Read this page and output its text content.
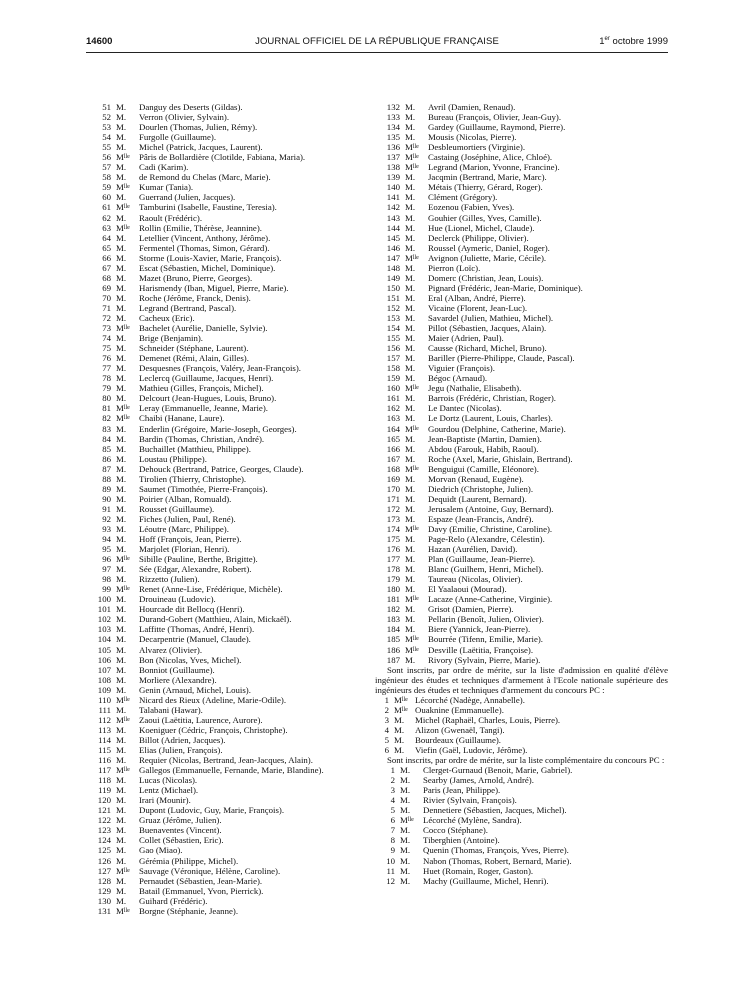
14600	JOURNAL OFFICIEL DE LA RÉPUBLIQUE FRANÇAISE	1er octobre 1999
51 M.	Danguy des Deserts (Gildas).
52 M.	Verron (Olivier, Sylvain).
53 M.	Dourlen (Thomas, Julien, Rémy).
54 M.	Furgolle (Guillaume).
55 M.	Michel (Patrick, Jacques, Laurent).
56 $M^{lle}$	Pâris de Bollardière (Clotilde, Fabiana, Maria).
57 M.	Cadi (Karim).
58 M.	de Remond du Chelas (Marc, Marie).
59 $M^{lle}$	Kumar (Tania).
60 M.	Guerrand (Julien, Jacques).
61 $M^{lle}$	Tamburini (Isabelle, Faustine, Teresia).
62 M.	Raoult (Frédéric).
63 $M^{lle}$	Rollin (Emilie, Thérèse, Jeannine).
64 M.	Letellier (Vincent, Anthony, Jérôme).
65 M.	Fermentel (Thomas, Simon, Gérard).
66 M.	Storme (Louis-Xavier, Marie, François).
67 M.	Escat (Sébastien, Michel, Dominique).
68 M.	Mazet (Bruno, Pierre, Georges).
69 M.	Harismendy (Iban, Miguel, Pierre, Marie).
70 M.	Roche (Jérôme, Franck, Denis).
71 M.	Legrand (Bertrand, Pascal).
72 M.	Cacheux (Eric).
73 $M^{lle}$	Bachelet (Aurélie, Danielle, Sylvie).
74 M.	Brige (Benjamin).
75 M.	Schneider (Stéphane, Laurent).
76 M.	Demenet (Rémi, Alain, Gilles).
77 M.	Desquesnes (François, Valéry, Jean-François).
78 M.	Leclercq (Guillaume, Jacques, Henri).
79 M.	Mathieu (Gilles, François, Michel).
80 M.	Delcourt (Jean-Hugues, Louis, Bruno).
81 $M^{lle}$	Leray (Emmanuelle, Jeanne, Marie).
82 $M^{lle}$	Chaibi (Hanane, Laure).
83 M.	Enderlin (Grégoire, Marie-Joseph, Georges).
84 M.	Bardin (Thomas, Christian, André).
85 M.	Buchaillet (Matthieu, Philippe).
86 M.	Loustau (Philippe).
87 M.	Dehouck (Bertrand, Patrice, Georges, Claude).
88 M.	Tirolien (Thierry, Christophe).
89 M.	Saumet (Timothée, Pierre-François).
90 M.	Poirier (Alban, Romuald).
91 M.	Rousset (Guillaume).
92 M.	Fiches (Julien, Paul, René).
93 M.	Léoutre (Marc, Philippe).
94 M.	Hoff (François, Jean, Pierre).
95 M.	Marjolet (Florian, Henri).
96 $M^{lle}$	Sibille (Pauline, Berthe, Brigitte).
97 M.	Sée (Edgar, Alexandre, Robert).
98 M.	Rizzetto (Julien).
99 $M^{lle}$	Renet (Anne-Lise, Frédérique, Michèle).
100 M.	Drouineau (Ludovic).
101 M.	Hourcade dit Bellocq (Henri).
102 M.	Durand-Gobert (Matthieu, Alain, Mickaël).
103 M.	Laffitte (Thomas, André, Henri).
104 M.	Decarpentrie (Manuel, Claude).
105 M.	Alvarez (Olivier).
106 M.	Bon (Nicolas, Yves, Michel).
107 M.	Bonniot (Guillaume).
108 M.	Morliere (Alexandre).
109 M.	Genin (Arnaud, Michel, Louis).
110 $M^{lle}$	Nicard des Rieux (Adeline, Marie-Odile).
111 M.	Talabani (Hawar).
112 $M^{lle}$	Zaoui (Laëtitia, Laurence, Aurore).
113 M.	Koeniguer (Cédric, François, Christophe).
114 M.	Billot (Adrien, Jacques).
115 M.	Elias (Julien, François).
116 M.	Requier (Nicolas, Bertrand, Jean-Jacques, Alain).
117 $M^{lle}$	Gallegos (Emmanuelle, Fernande, Marie, Blandine).
118 M.	Lucas (Nicolas).
119 M.	Lentz (Michael).
120 M.	Irari (Mounir).
121 M.	Dupont (Ludovic, Guy, Marie, François).
122 M.	Gruaz (Jérôme, Julien).
123 M.	Buenaventes (Vincent).
124 M.	Collet (Sébastien, Eric).
125 M.	Gao (Miao).
126 M.	Gérémia (Philippe, Michel).
127 $M^{lle}$	Sauvage (Véronique, Hélène, Caroline).
128 M.	Pernaudet (Sébastien, Jean-Marie).
129 M.	Batail (Emmanuel, Yvon, Pierrick).
130 M.	Guihard (Frédéric).
131 $M^{lle}$	Borgne (Stéphanie, Jeanne).
132 M.	Avril (Damien, Renaud).
133 M.	Bureau (François, Olivier, Jean-Guy).
134 M.	Gardey (Guillaume, Raymond, Pierre).
135 M.	Mousis (Nicolas, Pierre).
136 $M^{lle}$	Desbleumortiers (Virginie).
137 $M^{lle}$	Castaing (Joséphine, Alice, Chloé).
138 $M^{lle}$	Legrand (Marion, Yvonne, Francine).
139 M.	Jacqmin (Bertrand, Marie, Marc).
140 M.	Métais (Thierry, Gérard, Roger).
141 M.	Clément (Grégory).
142 M.	Eozenou (Fabien, Yves).
143 M.	Gouhier (Gilles, Yves, Camille).
144 M.	Hue (Lionel, Michel, Claude).
145 M.	Declerck (Philippe, Olivier).
146 M.	Roussel (Aymeric, Daniel, Roger).
147 $M^{lle}$	Avignon (Juliette, Marie, Cécile).
148 M.	Pierron (Loïc).
149 M.	Domerc (Christian, Jean, Louis).
150 M.	Pignard (Frédéric, Jean-Marie, Dominique).
151 M.	Eral (Alban, André, Pierre).
152 M.	Vicaine (Florent, Jean-Luc).
153 M.	Savardel (Julien, Mathieu, Michel).
154 M.	Pillot (Sébastien, Jacques, Alain).
155 M.	Maier (Adrien, Paul).
156 M.	Causse (Richard, Michel, Bruno).
157 M.	Bariller (Pierre-Philippe, Claude, Pascal).
158 M.	Viguier (François).
159 M.	Bégoc (Arnaud).
160 $M^{lle}$	Jegu (Nathalie, Elisabeth).
161 M.	Barrois (Frédéric, Christian, Roger).
162 M.	Le Dantec (Nicolas).
163 M.	Le Dortz (Laurent, Louis, Charles).
164 $M^{lle}$	Gourdou (Delphine, Catherine, Marie).
165 M.	Jean-Baptiste (Martin, Damien).
166 M.	Abdou (Farouk, Habib, Raoul).
167 M.	Roche (Axel, Marie, Ghislain, Bertrand).
168 $M^{lle}$	Benguigui (Camille, Eléonore).
169 M.	Morvan (Renaud, Eugène).
170 M.	Diedrich (Christophe, Julien).
171 M.	Dequidt (Laurent, Bernard).
172 M.	Jerusalem (Antoine, Guy, Bernard).
173 M.	Espaze (Jean-Francis, André).
174 $M^{lle}$	Davy (Emilie, Christine, Caroline).
175 M.	Page-Relo (Alexandre, Célestin).
176 M.	Hazan (Aurélien, David).
177 M.	Plan (Guillaume, Jean-Pierre).
178 M.	Blanc (Guilhem, Henri, Michel).
179 M.	Taureau (Nicolas, Olivier).
180 M.	El Yaalaoui (Mourad).
181 $M^{lle}$	Lacaze (Anne-Catherine, Virginie).
182 M.	Grisot (Damien, Pierre).
183 M.	Pellarin (Benoît, Julien, Olivier).
184 M.	Biere (Yannick, Jean-Pierre).
185 $M^{lle}$	Bourrée (Tifenn, Emilie, Marie).
186 $M^{lle}$	Desville (Laëtitia, Françoise).
187 M.	Rivory (Sylvain, Pierre, Marie).

Sont inscrits, par ordre de mérite, sur la liste d'admission en qualité d'élève ingénieur des études et techniques d'armement à l'Ecole nationale supérieure des ingénieurs des études et techniques d'armement du concours PC :

1 $M^{lle}$ Lécorché (Nadège, Annabelle).
2 $M^{lle}$ Ouaknine (Emmanuelle).
3 M.	Michel (Raphaël, Charles, Louis, Pierre).
4 M.	Alizon (Gwenaël, Tangi).
5 M.	Bourdeaux (Guillaume).
6 M.	Viefin (Gaël, Ludovic, Jérôme).

Sont inscrits, par ordre de mérite, sur la liste complémentaire du concours PC :

1 M.	Clerget-Gurnaud (Benoit, Marie, Gabriel).
2 M.	Searby (James, Arnold, André).
3 M.	Paris (Jean, Philippe).
4 M.	Rivier (Sylvain, François).
5 M.	Dennetiere (Sébastien, Jacques, Michel).
6 $M^{lle}$	Lécorché (Mylène, Sandra).
7 M.	Cocco (Stéphane).
8 M.	Tiberghien (Antoine).
9 M.	Quenin (Thomas, François, Yves, Pierre).
10 M.	Nabon (Thomas, Robert, Bernard, Marie).
11 M.	Huet (Romain, Roger, Gaston).
12 M.	Machy (Guillaume, Michel, Henri).
